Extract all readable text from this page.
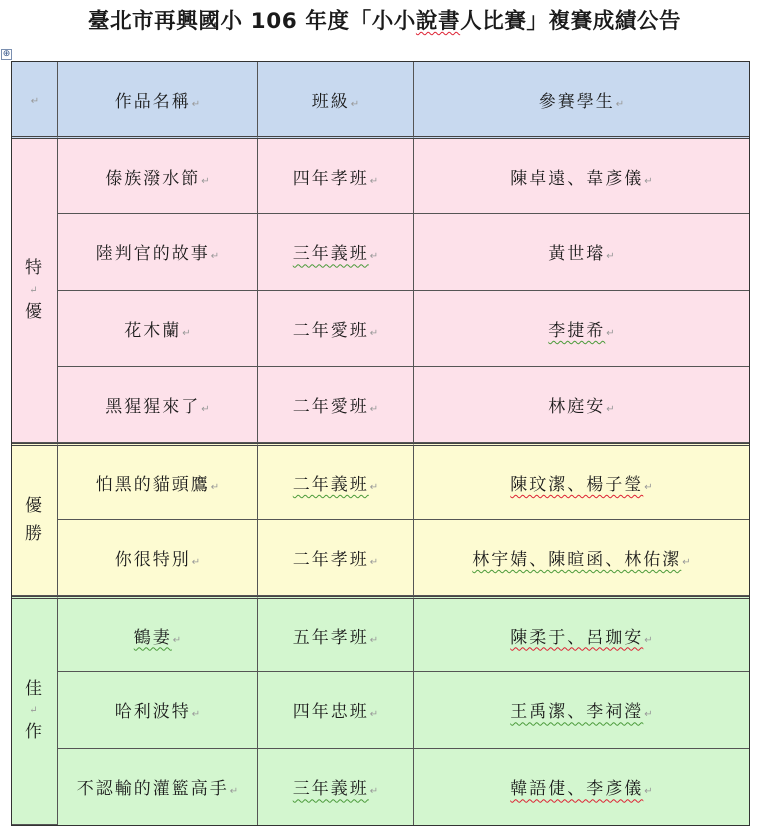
臺北市再興國小 106 年度「小小說書人比賽」複賽成績公告
⊕
↵	作品名稱↵	班級↵	參賽學生↵

特
↵
優	傣族潑水節↵	四年孝班↵	陳卓遠、韋彥儀↵
	陸判官的故事↵	三年義班↵	黃世璿↵
	花木蘭↵	二年愛班↵	李捷希↵
	黑猩猩來了↵	二年愛班↵	林庭安↵

優
勝	怕黑的貓頭鷹↵	二年義班↵	陳玟潔、楊子瑩↵
	你很特別↵	二年孝班↵	林宇婧、陳暄函、林佑潔↵

佳
↵
作	鶴妻↵	五年孝班↵	陳柔于、呂珈安↵
	哈利波特↵	四年忠班↵	王禹潔、李祠瀅↵
	不認輸的灌籃高手↵	三年義班↵	韓語倢、李彥儀↵
